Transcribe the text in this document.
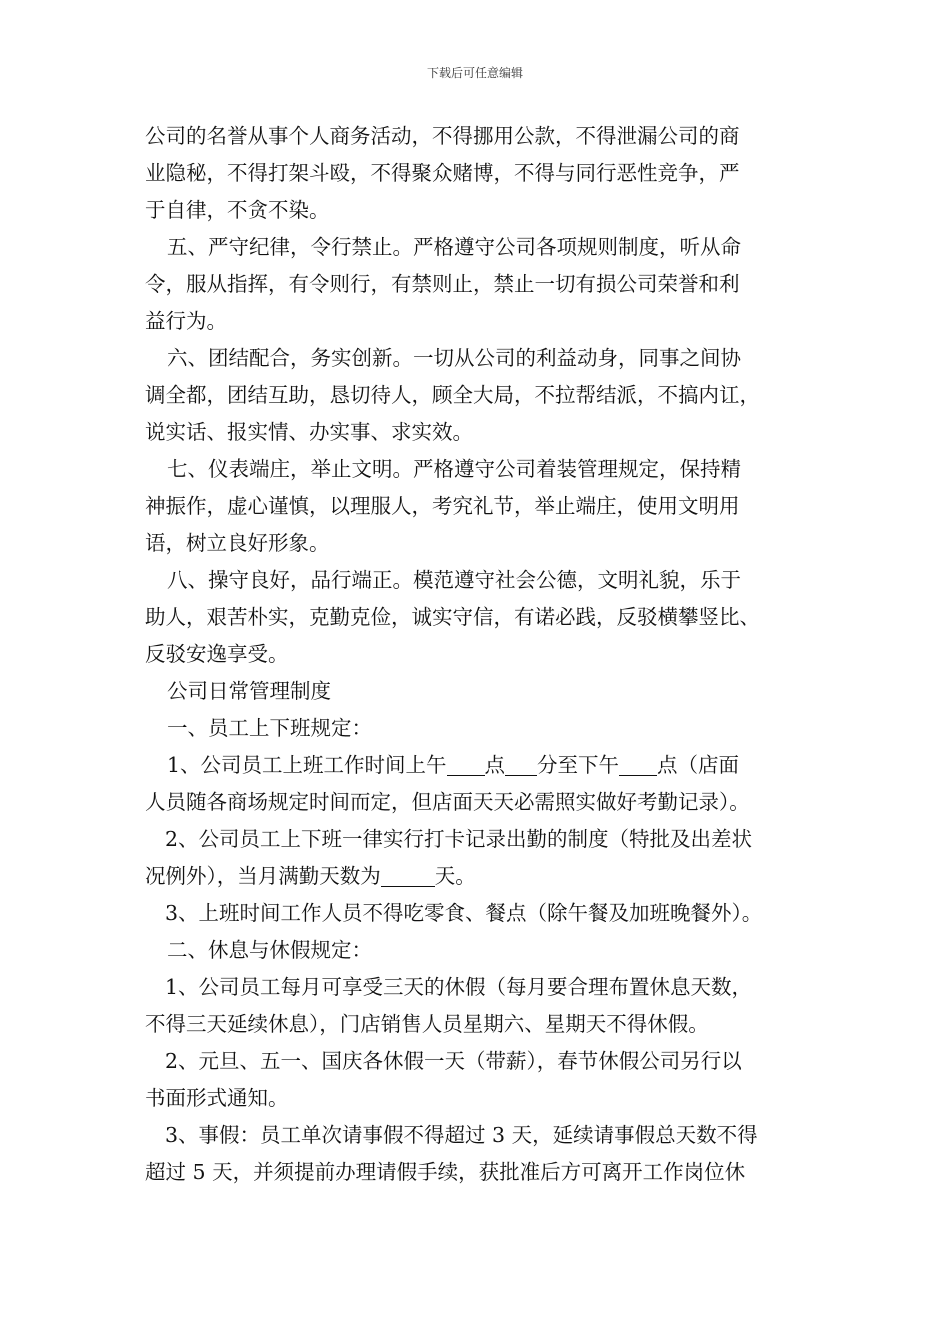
下载后可任意编辑

公司的名誉从事个人商务活动，不得挪用公款，不得泄漏公司的商

业隐秘，不得打架斗殴，不得聚众赌博，不得与同行恶性竞争，严

于自律，不贪不染。

五、严守纪律，令行禁止。严格遵守公司各项规则制度，听从命

令，服从指挥，有令则行，有禁则止，禁止一切有损公司荣誉和利

益行为。

六、团结配合，务实创新。一切从公司的利益动身，同事之间协

调全都，团结互助，恳切待人，顾全大局，不拉帮结派，不搞内讧，

说实话、报实情、办实事、求实效。

七、仪表端庄，举止文明。严格遵守公司着装管理规定，保持精

神振作，虚心谨慎，以理服人，考究礼节，举止端庄，使用文明用

语，树立良好形象。

八、操守良好，品行端正。模范遵守社会公德，文明礼貌，乐于

助人，艰苦朴实，克勤克俭，诚实守信，有诺必践，反驳横攀竖比、

反驳安逸享受。

公司日常管理制度

一、员工上下班规定：

1、公司员工上班工作时间上午 点 分至下午 点（店面

人员随各商场规定时间而定，但店面天天必需照实做好考勤记录）。

2、公司员工上下班一律实行打卡记录出勤的制度（特批及出差状

况例外），当月满勤天数为	天。

3、上班时间工作人员不得吃零食、餐点（除午餐及加班晚餐外）。

二、休息与休假规定：

1、公司员工每月可享受三天的休假（每月要合理布置休息天数，

不得三天延续休息），门店销售人员星期六、星期天不得休假。

2、元旦、五一、国庆各休假一天（带薪），春节休假公司另行以

书面形式通知。

3、事假：员工单次请事假不得超过 3 天，延续请事假总天数不得

超过 5 天，并须提前办理请假手续，获批准后方可离开工作岗位休
